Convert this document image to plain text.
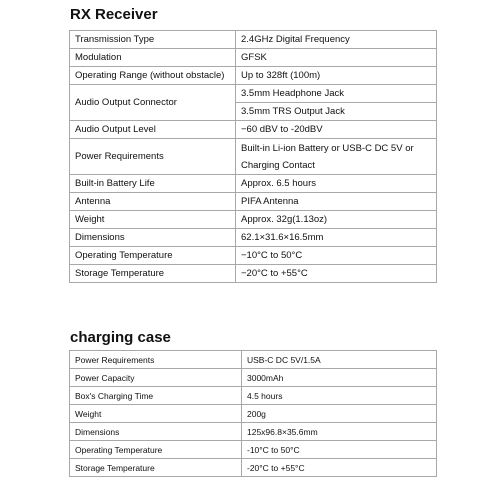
RX Receiver
Transmission Type	2.4GHz Digital Frequency
Modulation	GFSK
Operating Range (without obstacle)	Up to 328ft (100m)
Audio Output Connector	3.5mm Headphone Jack
	3.5mm TRS Output Jack
Audio Output Level	−60 dBV to -20dBV
Power Requirements	Built-in Li-ion Battery or USB-C DC 5V or
Charging Contact

Built-in Battery Life	Approx. 6.5 hours
Antenna	PIFA Antenna
Weight	Approx. 32g(1.13oz)
Dimensions	62.1×31.6×16.5mm
Operating Temperature	−10°C to 50°C
Storage Temperature	−20°C to +55°C
charging case
Power Requirements	USB-C DC 5V/1.5A
Power Capacity	3000mAh
Box's Charging Time	4.5 hours
Weight	200g
Dimensions	125x96.8×35.6mm
Operating Temperature	-10°C to 50°C
Storage Temperature	-20°C to +55°C
